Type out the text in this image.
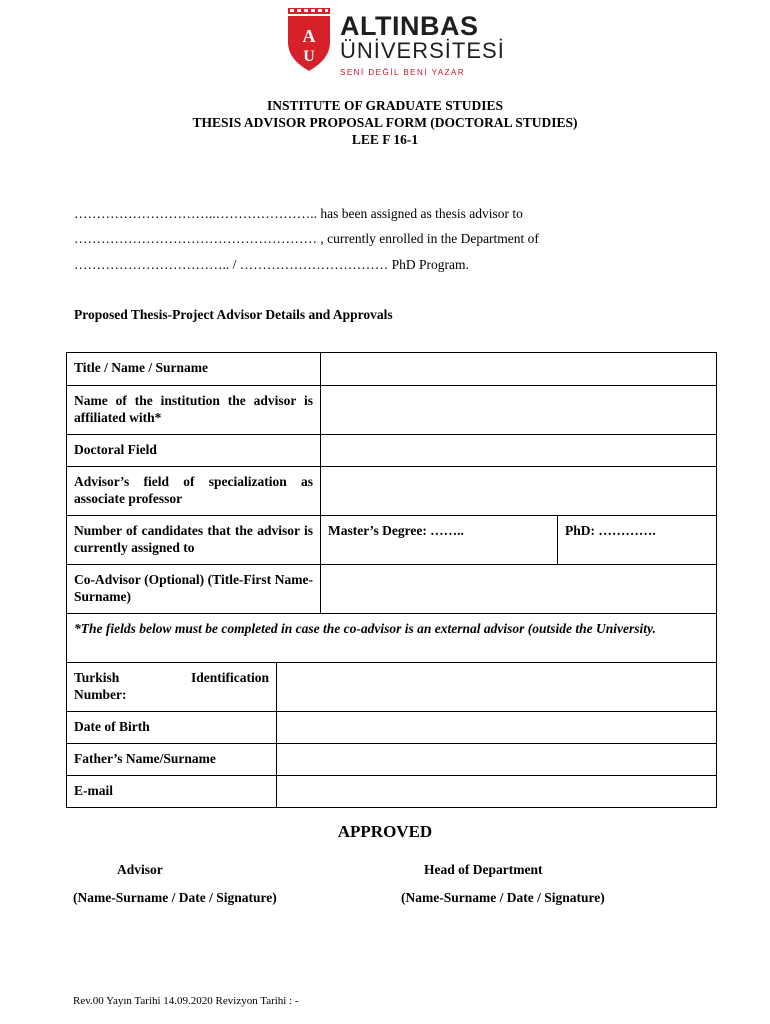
A
U
ALTINBAS
ÜNİVERSİTESİ
SENİ DEĞİL BENİ YAZAR
INSTITUTE OF GRADUATE STUDIES
THESIS ADVISOR PROPOSAL FORM (DOCTORAL STUDIES)
LEE F 16-1
…………………………..………………….. has been assigned as thesis advisor to
……………………………………………… , currently enrolled in the Department of
…………………………….. / …………………………… PhD Program.
Proposed Thesis-Project Advisor Details and Approvals
Title / Name / Surname			
Name of the institution the advisor is affiliated with*			
Doctoral Field			
Advisor’s field of specialization as associate professor			
Number of candidates that the advisor is currently assigned to		Master’s Degree: ……..	PhD: ………….
Co-Advisor (Optional) (Title-First Name-Surname)			
*The fields below must be completed in case the co-advisor is an external advisor (outside the University.			

Turkish Identification
Number:			

Date of Birth			
Father’s Name/Surname			
E-mail			
APPROVED
Advisor
(Name-Surname / Date / Signature)
Head of Department
(Name-Surname / Date / Signature)
Rev.00 Yayın Tarihi 14.09.2020 Revizyon Tarihi : -
